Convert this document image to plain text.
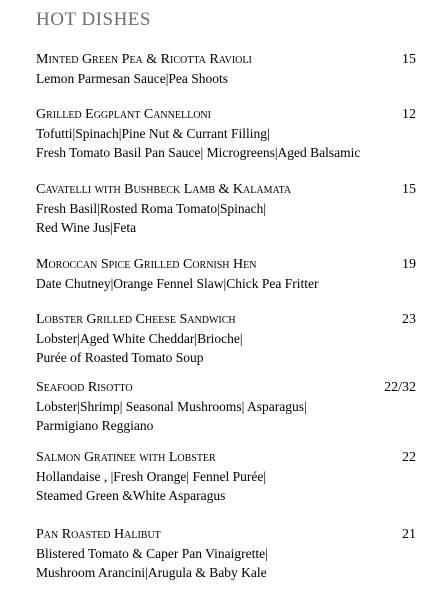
HOT DISHES
Minted Green Pea & Ricotta Ravioli	15
Lemon Parmesan Sauce|Pea Shoots
Grilled Eggplant Cannelloni	12
Tofutti|Spinach|Pine Nut & Currant Filling|
Fresh Tomato Basil Pan Sauce| Microgreens|Aged Balsamic
Cavatelli with Bushbeck Lamb & Kalamata	15
Fresh Basil|Rosted Roma Tomato|Spinach|
Red Wine Jus|Feta
Moroccan Spice Grilled Cornish Hen	19
Date Chutney|Orange Fennel Slaw|Chick Pea Fritter
Lobster Grilled Cheese Sandwich	23
Lobster|Aged White Cheddar|Brioche|
Purée of Roasted Tomato Soup
Seafood Risotto	22/32
Lobster|Shrimp| Seasonal Mushrooms| Asparagus|
Parmigiano Reggiano
Salmon Gratinee with Lobster	22
Hollandaise , |Fresh Orange| Fennel Purée|
Steamed Green &White Asparagus
Pan Roasted Halibut	21
Blistered Tomato & Caper Pan Vinaigrette|
Mushroom Arancini|Arugula & Baby Kale
